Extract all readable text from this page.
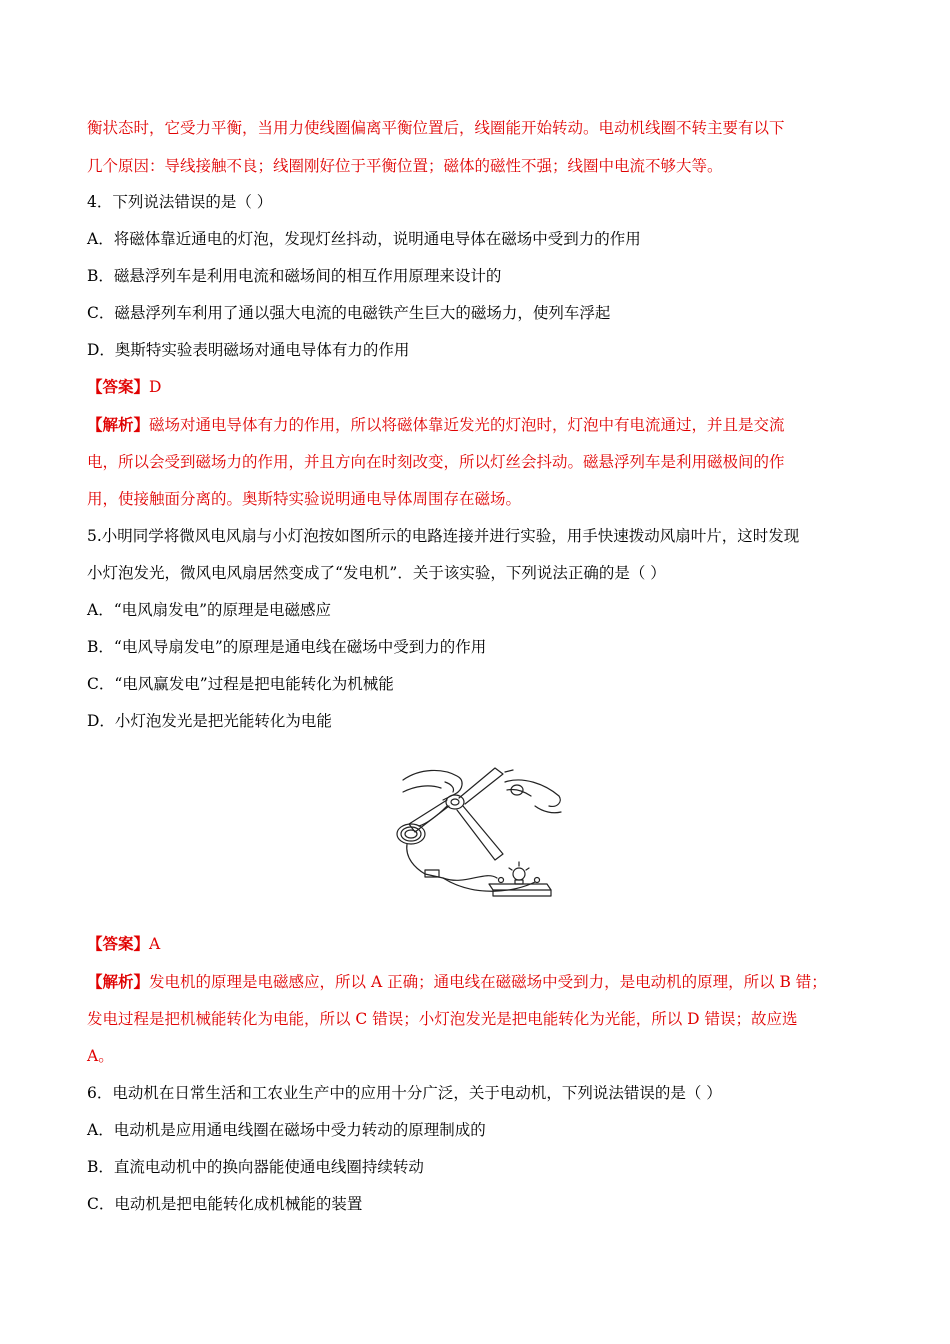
衡状态时，它受力平衡，当用力使线圈偏离平衡位置后，线圈能开始转动。电动机线圈不转主要有以下
几个原因：导线接触不良；线圈刚好位于平衡位置；磁体的磁性不强；线圈中电流不够大等。
4．下列说法错误的是（ ）
A．将磁体靠近通电的灯泡，发现灯丝抖动，说明通电导体在磁场中受到力的作用
B．磁悬浮列车是利用电流和磁场间的相互作用原理来设计的
C．磁悬浮列车利用了通以强大电流的电磁铁产生巨大的磁场力，使列车浮起
D．奥斯特实验表明磁场对通电导体有力的作用
【答案】D
【解析】磁场对通电导体有力的作用，所以将磁体靠近发光的灯泡时，灯泡中有电流通过，并且是交流
电，所以会受到磁场力的作用，并且方向在时刻改变，所以灯丝会抖动。磁悬浮列车是利用磁极间的作
用，使接触面分离的。奥斯特实验说明通电导体周围存在磁场。
5.小明同学将微风电风扇与小灯泡按如图所示的电路连接并进行实验，用手快速拨动风扇叶片，这时发现
小灯泡发光，微风电风扇居然变成了“发电机”．关于该实验，下列说法正确的是（ ）
A．“电风扇发电”的原理是电磁感应
B．“电风导扇发电”的原理是通电线在磁场中受到力的作用
C．“电风赢发电”过程是把电能转化为机械能
D．小灯泡发光是把光能转化为电能
【答案】A
【解析】发电机的原理是电磁感应，所以 A 正确；通电线在磁磁场中受到力，是电动机的原理，所以 B 错；
发电过程是把机械能转化为电能，所以 C 错误；小灯泡发光是把电能转化为光能，所以 D 错误；故应选
A。
6．电动机在日常生活和工农业生产中的应用十分广泛，关于电动机，下列说法错误的是（ ）
A．电动机是应用通电线圈在磁场中受力转动的原理制成的
B．直流电动机中的换向器能使通电线圈持续转动
C．电动机是把电能转化成机械能的装置
